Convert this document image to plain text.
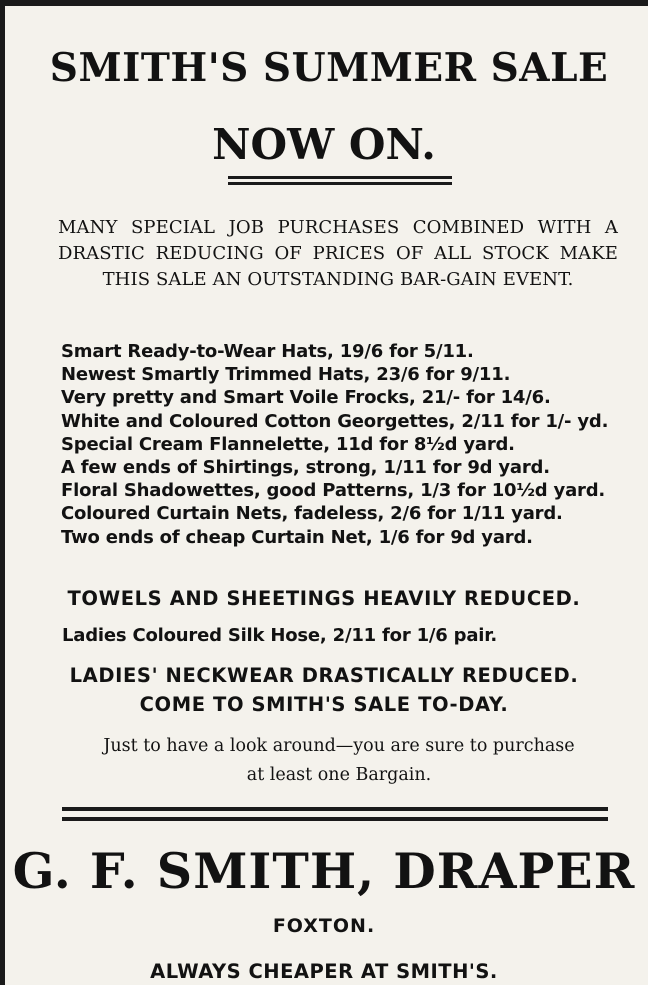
SMITH'S SUMMER SALE
NOW ON.

MANY SPECIAL JOB PURCHASES COMBINED WITH A DRASTIC REDUCING OF PRICES OF ALL STOCK MAKE THIS SALE AN OUTSTANDING BAR-GAIN EVENT.

Smart Ready-to-Wear Hats, 19/6 for 5/11.
Newest Smartly Trimmed Hats, 23/6 for 9/11.
Very pretty and Smart Voile Frocks, 21/- for 14/6.
White and Coloured Cotton Georgettes, 2/11 for 1/- yd.
Special Cream Flannelette, 11d for 8½d yard.
A few ends of Shirtings, strong, 1/11 for 9d yard.
Floral Shadowettes, good Patterns, 1/3 for 10½d yard.
Coloured Curtain Nets, fadeless, 2/6 for 1/11 yard.
Two ends of cheap Curtain Net, 1/6 for 9d yard.

TOWELS AND SHEETINGS HEAVILY REDUCED.

Ladies Coloured Silk Hose, 2/11 for 1/6 pair.

LADIES' NECKWEAR DRASTICALLY REDUCED.

COME TO SMITH'S SALE TO-DAY.

Just to have a look around—you are sure to purchase
at least one Bargain.
G. F. SMITH, DRAPER
FOXTON.
ALWAYS CHEAPER AT SMITH'S.
